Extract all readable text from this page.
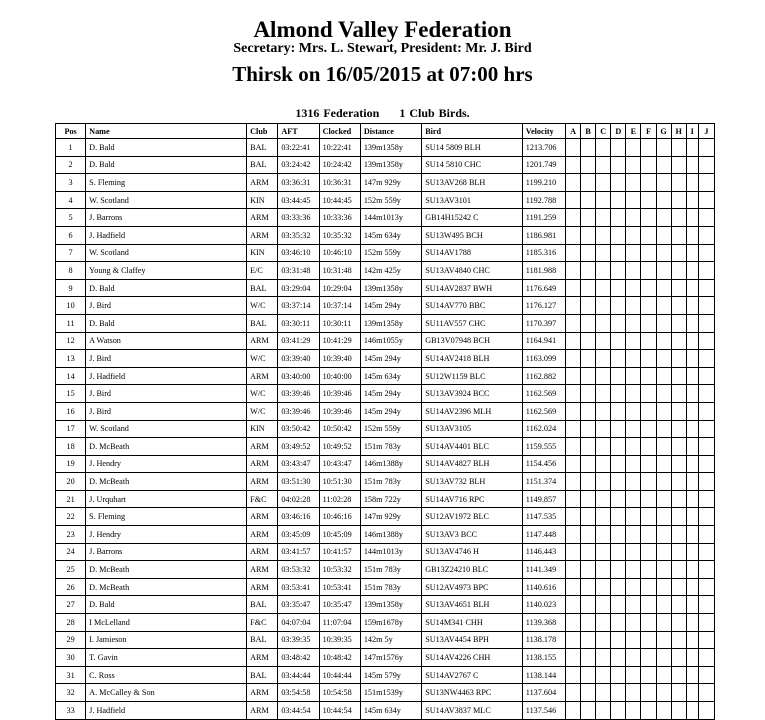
Almond Valley Federation
Secretary: Mrs. L. Stewart, President: Mr. J. Bird
Thirsk on 16/05/2015 at 07:00 hrs
1316 Federation 1 Club Birds.
Pos	Name	Club	AFT	Clocked	Distance	Bird	Velocity	A	B	C	D	E	F	G	H	I	J
1	D. Bald	BAL	03:22:41	10:22:41	139m1358y	SU14 5809 BLH	1213.706										
2	D. Bald	BAL	03:24:42	10:24:42	139m1358y	SU14 5810 CHC	1201.749										
3	S. Fleming	ARM	03:36:31	10:36:31	147m 929y	SU13AV268 BLH	1199.210										
4	W. Scotland	KIN	03:44:45	10:44:45	152m 559y	SU13AV3101	1192.788										
5	J. Barrons	ARM	03:33:36	10:33:36	144m1013y	GB14H15242 C	1191.259										
6	J. Hadfield	ARM	03:35:32	10:35:32	145m 634y	SU13W495 BCH	1186.981										
7	W. Scotland	KIN	03:46:10	10:46:10	152m 559y	SU14AV1788	1185.316										
8	Young & Claffey	E/C	03:31:48	10:31:48	142m 425y	SU13AV4840 CHC	1181.988										
9	D. Bald	BAL	03:29:04	10:29:04	139m1358y	SU14AV2837 BWH	1176.649										
10	J. Bird	W/C	03:37:14	10:37:14	145m 294y	SU14AV770 BBC	1176.127										
11	D. Bald	BAL	03:30:11	10:30:11	139m1358y	SU11AV557 CHC	1170.397										
12	A Watson	ARM	03:41:29	10:41:29	146m1055y	GB13V07948 BCH	1164.941										
13	J. Bird	W/C	03:39:40	10:39:40	145m 294y	SU14AV2418 BLH	1163.099										
14	J. Hadfield	ARM	03:40:00	10:40:00	145m 634y	SU12W1159 BLC	1162.882										
15	J. Bird	W/C	03:39:46	10:39:46	145m 294y	SU13AV3924 BCC	1162.569										
16	J. Bird	W/C	03:39:46	10:39:46	145m 294y	SU14AV2396 MLH	1162.569										
17	W. Scotland	KIN	03:50:42	10:50:42	152m 559y	SU13AV3105	1162.024										
18	D. McBeath	ARM	03:49:52	10:49:52	151m 783y	SU14AV4401 BLC	1159.555										
19	J. Hendry	ARM	03:43:47	10:43:47	146m1388y	SU14AV4827 BLH	1154.456										
20	D. McBeath	ARM	03:51:30	10:51:30	151m 783y	SU13AV732 BLH	1151.374										
21	J. Urquhart	F&C	04:02:28	11:02:28	158m 722y	SU14AV716 RPC	1149.857										
22	S. Fleming	ARM	03:46:16	10:46:16	147m 929y	SU12AV1972 BLC	1147.535										
23	J. Hendry	ARM	03:45:09	10:45:09	146m1388y	SU13AV3 BCC	1147.448										
24	J. Barrons	ARM	03:41:57	10:41:57	144m1013y	SU13AV4746 H	1146.443										
25	D. McBeath	ARM	03:53:32	10:53:32	151m 783y	GB13Z24210 BLC	1141.349										
26	D. McBeath	ARM	03:53:41	10:53:41	151m 783y	SU12AV4973 BPC	1140.616										
27	D. Bald	BAL	03:35:47	10:35:47	139m1358y	SU13AV4651 BLH	1140.023										
28	I McLelland	F&C	04:07:04	11:07:04	159m1678y	SU14M341 CHH	1139.368										
29	I. Jamieson	BAL	03:39:35	10:39:35	142m 5y	SU13AV4454 BPH	1138.178										
30	T. Gavin	ARM	03:48:42	10:48:42	147m1576y	SU14AV4226 CHH	1138.155										
31	C. Ross	BAL	03:44:44	10:44:44	145m 579y	SU14AV2767 C	1138.144										
32	A. McCalley & Son	ARM	03:54:58	10:54:58	151m1539y	SU13NW4463 RPC	1137.604										
33	J. Hadfield	ARM	03:44:54	10:44:54	145m 634y	SU14AV3837 MLC	1137.546										
